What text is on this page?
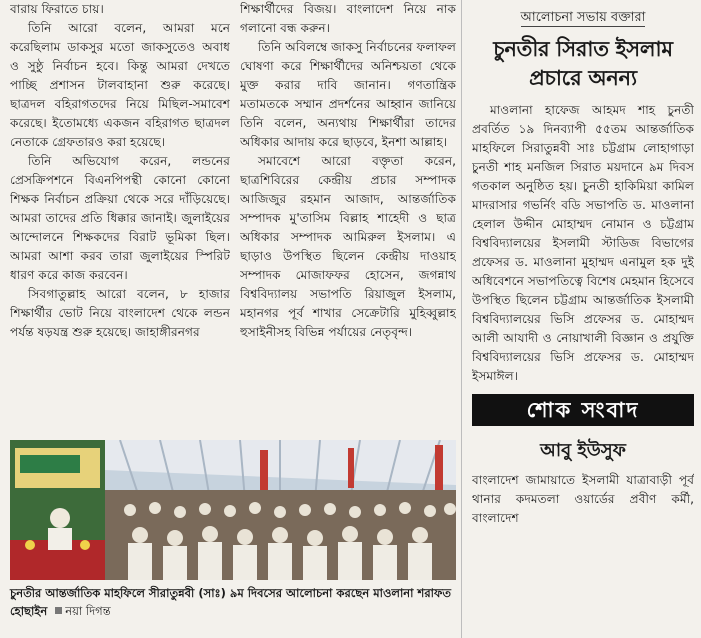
বারায় ফিরাতে চায়।

তিনি আরো বলেন, আমরা মনে করেছিলাম ডাকসুর মতো জাকসুতেও অবাধ ও সুষ্ঠু নির্বাচন হবে। কিন্তু আমরা দেখতে পাচ্ছি প্রশাসন টালবাহানা শুরু করেছে। ছাত্রদল বহিরাগতদের নিয়ে মিছিল-সমাবেশ করেছে। ইতোমধ্যে একজন বহিরাগত ছাত্রদল নেতাকে গ্রেফতারও করা হয়েছে।

তিনি অভিযোগ করেন, লন্ডনের প্রেসক্রিপশনে বিএনপিপন্থী কোনো কোনো শিক্ষক নির্বাচন প্রক্রিয়া থেকে সরে দাঁড়িয়েছে। আমরা তাদের প্রতি ধিক্কার জানাই। জুলাইয়ের আন্দোলনে শিক্ষকদের বিরাট ভূমিকা ছিল। আমরা আশা করব তারা জুলাইয়ের স্পিরিট ধারণ করে কাজ করবেন।

সিবগাতুল্লাহ আরো বলেন, ৮ হাজার শিক্ষার্থীর ভোট নিয়ে বাংলাদেশ থেকে লন্ডন পর্যন্ত ষড়যন্ত্র শুরু হয়েছে। জাহাঙ্গীরনগর

শিক্ষার্থীদের বিজয়। বাংলাদেশ নিয়ে নাক গলানো বন্ধ করুন।

তিনি অবিলম্বে জাকসু নির্বাচনের ফলাফল ঘোষণা করে শিক্ষার্থীদের অনিশ্চয়তা থেকে মুক্ত করার দাবি জানান। গণতান্ত্রিক মতামতকে সম্মান প্রদর্শনের আহ্বান জানিয়ে তিনি বলেন, অন্যথায় শিক্ষার্থীরা তাদের অধিকার আদায় করে ছাড়বে, ইনশা আল্লাহ।

সমাবেশে আরো বক্তৃতা করেন, ছাত্রশিবিরের কেন্দ্রীয় প্রচার সম্পাদক আজিজুর রহমান আজাদ, আন্তর্জাতিক সম্পাদক মু'তাসিম বিল্লাহ শাহেদী ও ছাত্র অধিকার সম্পাদক আমিরুল ইসলাম। এ ছাড়াও উপস্থিত ছিলেন কেন্দ্রীয় দাওয়াহ সম্পাদক মোজাফফর হোসেন, জগন্নাথ বিশ্ববিদ্যালয় সভাপতি রিয়াজুল ইসলাম, মহানগর পূর্ব শাখার সেক্রেটারি মুহিব্বুল্লাহ হুসাইনীসহ বিভিন্ন পর্যায়ের নেতৃবৃন্দ।

চুনতীর আন্তর্জাতিক মাহফিলে সীরাতুন্নবী (সাঃ) ৯ম দিবসের আলোচনা করছেন মাওলানা শরাফত হোছাইন নয়া দিগন্ত
আলোচনা সভায় বক্তারা
চুনতীর সিরাত ইসলাম
প্রচারে অনন্য

মাওলানা হাফেজ আহমদ শাহ চুনতী প্রবর্তিত ১৯ দিনব্যাপী ৫৫তম আন্তর্জাতিক মাহফিলে সিরাতুন্নবী সাঃ চট্টগ্রাম লোহাগাড়া চুনতী শাহ মনজিল সিরাত ময়দানে ৯ম দিবস গতকাল অনুষ্ঠিত হয়। চুনতী হাকিমিয়া কামিল মাদরাসার গভর্নিং বডি সভাপতি ড. মাওলানা হেলাল উদ্দীন মোহাম্মদ নোমান ও চট্টগ্রাম বিশ্ববিদ্যালয়ের ইসলামী স্টাডিজ বিভাগের প্রফেসর ড. মাওলানা মুহাম্মদ এনামুল হক দুই অধিবেশনে সভাপতিত্বে বিশেষ মেহমান হিসেবে উপস্থিত ছিলেন চট্টগ্রাম আন্তর্জাতিক ইসলামী বিশ্ববিদ্যালয়ের ভিসি প্রফেসর ড. মোহাম্মদ আলী আযাদী ও নোয়াখালী বিজ্ঞান ও প্রযুক্তি বিশ্ববিদ্যালয়ের ভিসি প্রফেসর ড. মোহাম্মদ ইসমাঈল।

শোক সংবাদ
আবু ইউসুফ

বাংলাদেশ জামায়াতে ইসলামী যাত্রাবাড়ী পূর্ব থানার কদমতলা ওয়ার্ডের প্রবীণ কর্মী, বাংলাদেশ
